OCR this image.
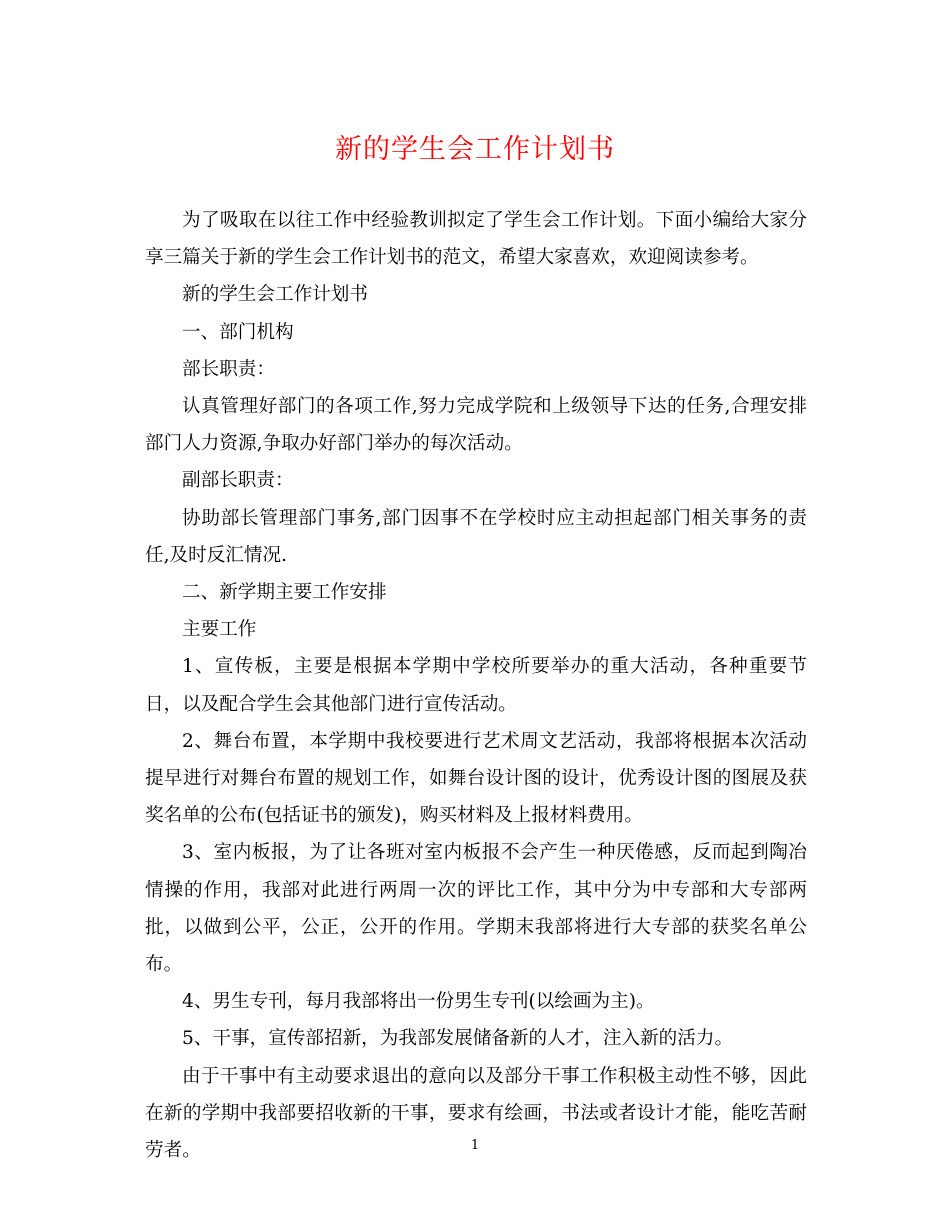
新的学生会工作计划书

为了吸取在以往工作中经验教训拟定了学生会工作计划。下面小编给大家分享三篇关于新的学生会工作计划书的范文，希望大家喜欢，欢迎阅读参考。

新的学生会工作计划书

一、部门机构

部长职责：

认真管理好部门的各项工作,努力完成学院和上级领导下达的任务,合理安排部门人力资源,争取办好部门举办的每次活动。

副部长职责：

协助部长管理部门事务,部门因事不在学校时应主动担起部门相关事务的责任,及时反汇情况.

二、新学期主要工作安排

主要工作

1、宣传板，主要是根据本学期中学校所要举办的重大活动，各种重要节日，以及配合学生会其他部门进行宣传活动。

2、舞台布置，本学期中我校要进行艺术周文艺活动，我部将根据本次活动提早进行对舞台布置的规划工作，如舞台设计图的设计，优秀设计图的图展及获奖名单的公布(包括证书的颁发)，购买材料及上报材料费用。

3、室内板报，为了让各班对室内板报不会产生一种厌倦感，反而起到陶冶情操的作用，我部对此进行两周一次的评比工作，其中分为中专部和大专部两批，以做到公平，公正，公开的作用。学期末我部将进行大专部的获奖名单公布。

4、男生专刊，每月我部将出一份男生专刊(以绘画为主)。

5、干事，宣传部招新，为我部发展储备新的人才，注入新的活力。

由于干事中有主动要求退出的意向以及部分干事工作积极主动性不够，因此在新的学期中我部要招收新的干事，要求有绘画，书法或者设计才能，能吃苦耐劳者。	1
